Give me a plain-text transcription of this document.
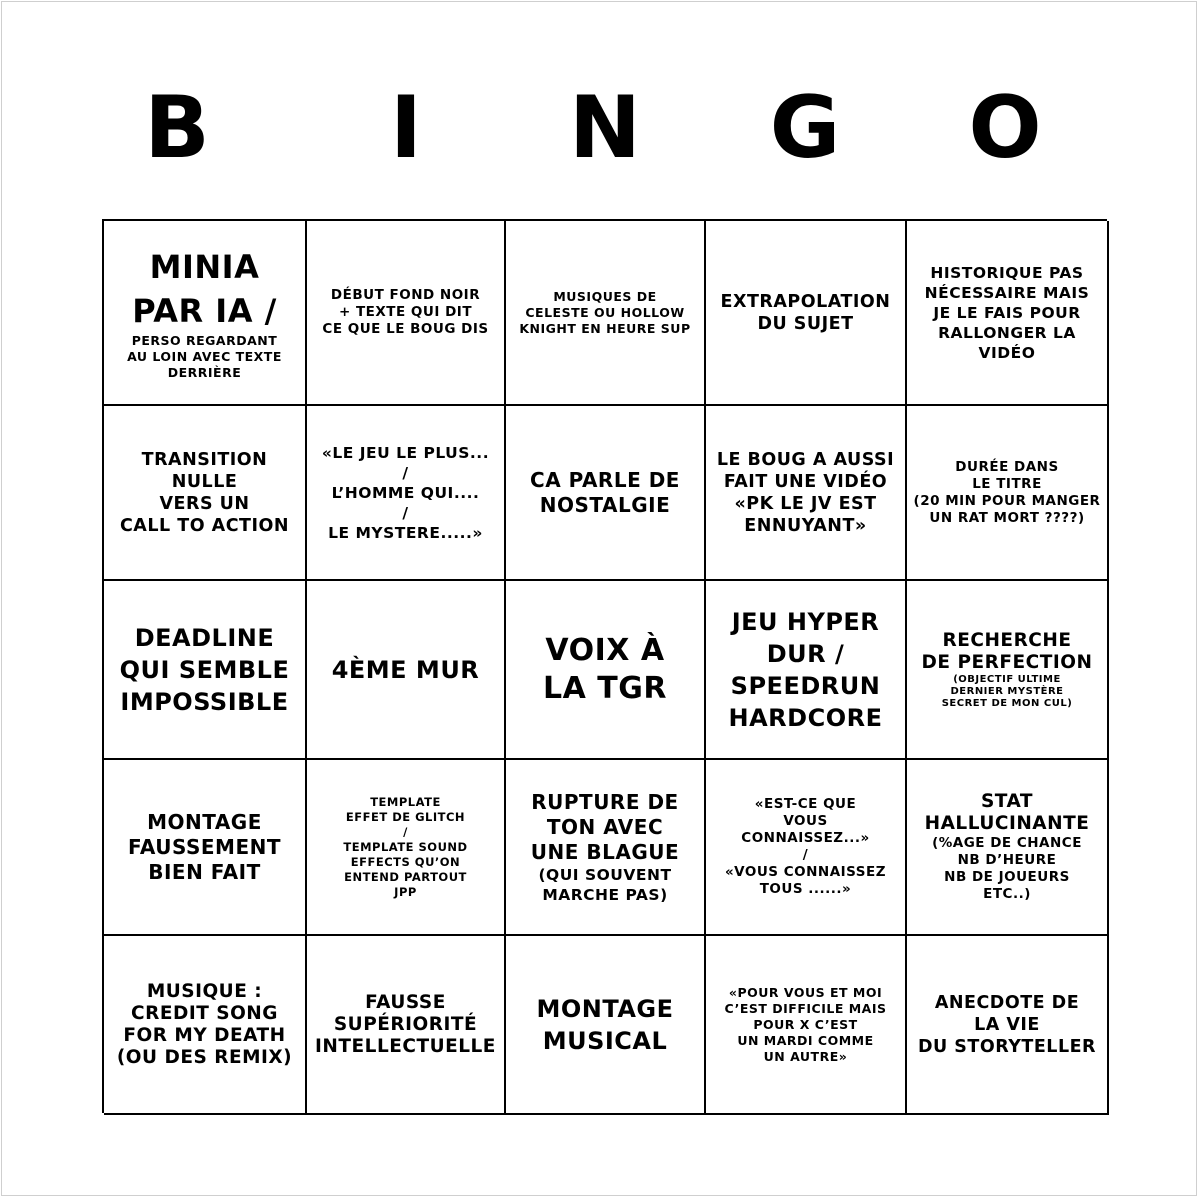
B	I	N G O
MINIA
PAR IA /
PERSO REGARDANT
AU LOIN AVEC TEXTE
DERRIÈRE
DÉBUT FOND NOIR
+ TEXTE QUI DIT
CE QUE LE BOUG DIS
MUSIQUES DE
CELESTE OU HOLLOW
KNIGHT EN HEURE SUP
EXTRAPOLATION
DU SUJET
HISTORIQUE PAS
NÉCESSAIRE MAIS
JE LE FAIS POUR
RALLONGER LA
VIDÉO
TRANSITION
NULLE
VERS UN
CALL TO ACTION
«LE JEU LE PLUS...
/
L’HOMME QUI....
/
LE MYSTERE.....»
CA PARLE DE
NOSTALGIE
LE BOUG A AUSSI
FAIT UNE VIDÉO
«PK LE JV EST
ENNUYANT»
DURÉE DANS
LE TITRE
(20 MIN POUR MANGER
UN RAT MORT ????)
DEADLINE
QUI SEMBLE
IMPOSSIBLE
4ÈME MUR
VOIX À
LA TGR
JEU HYPER
DUR /
SPEEDRUN
HARDCORE
RECHERCHE
DE PERFECTION
(OBJECTIF ULTIME
DERNIER MYSTÈRE
SECRET DE MON CUL)
MONTAGE
FAUSSEMENT
BIEN FAIT
TEMPLATE
EFFET DE GLITCH
/
TEMPLATE SOUND
EFFECTS QU’ON
ENTEND PARTOUT
JPP
RUPTURE DE
TON AVEC
UNE BLAGUE
(QUI SOUVENT
MARCHE PAS)
«EST-CE QUE
VOUS
CONNAISSEZ...»
/
«VOUS CONNAISSEZ
TOUS ......»
STAT
HALLUCINANTE
(%AGE DE CHANCE
NB D’HEURE
NB DE JOUEURS
ETC..)
MUSIQUE :
CREDIT SONG
FOR MY DEATH
(OU DES REMIX)
FAUSSE
SUPÉRIORITÉ
INTELLECTUELLE
MONTAGE
MUSICAL
«POUR VOUS ET MOI
C’EST DIFFICILE MAIS
POUR X C’EST
UN MARDI COMME
UN AUTRE»
ANECDOTE DE
LA VIE
DU STORYTELLER
